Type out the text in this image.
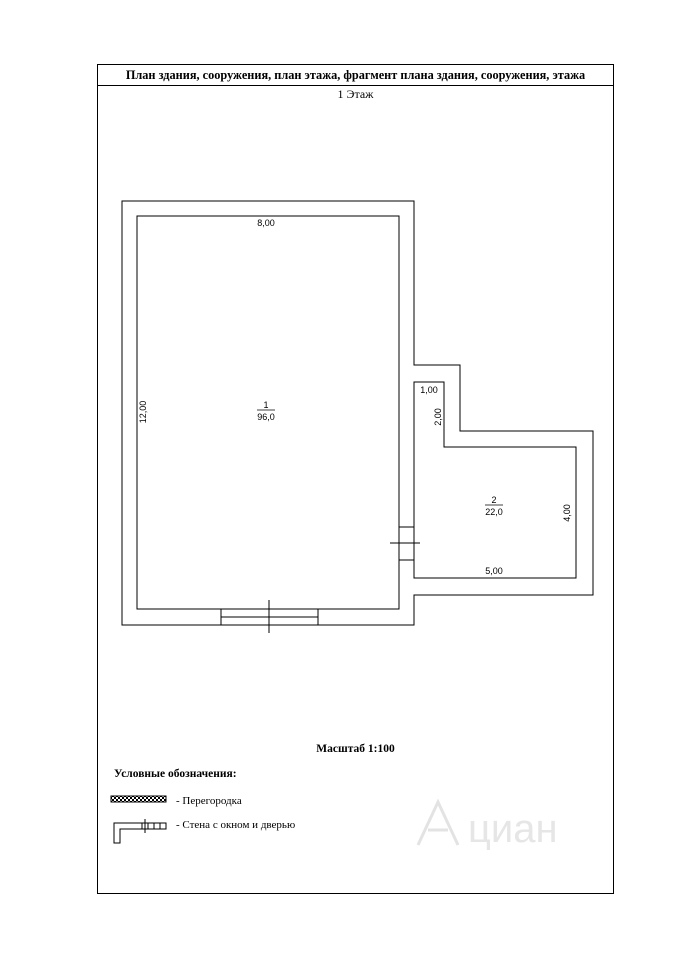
План здания, сооружения, план этажа, фрагмент плана здания, сооружения, этажа
1 Этаж
Масштаб 1:100
Условные обозначения:
- Перегородка
- Стена с окном и дверью
8,00
12,00
1,00
2,00
4,00
5,00
1
96,0
2
22,0
циан
